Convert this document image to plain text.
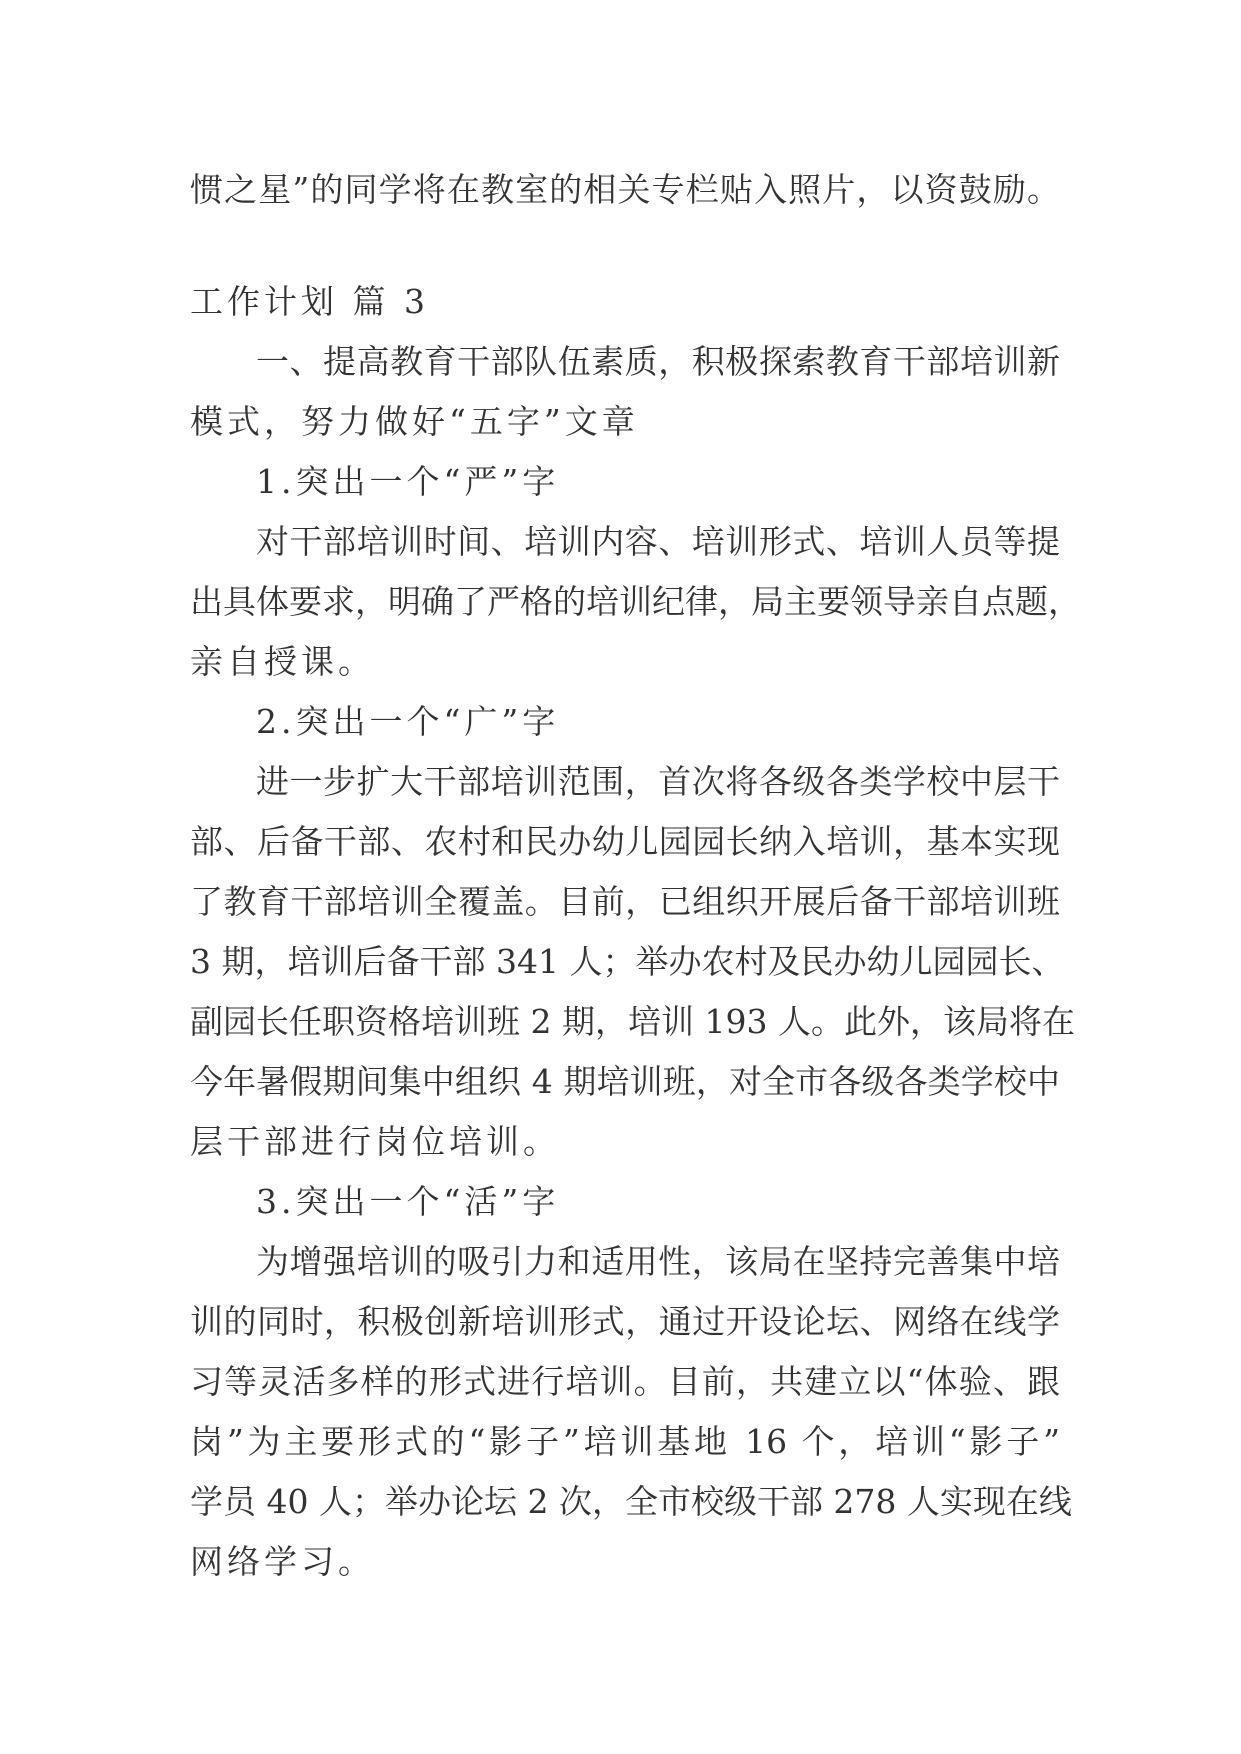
惯之星”的同学将在教室的相关专栏贴入照片，以资鼓励。
工作计划 篇 3
一、提高教育干部队伍素质，积极探索教育干部培训新
模式，努力做好“五字”文章
1.突出一个“严”字
对干部培训时间、培训内容、培训形式、培训人员等提
出具体要求，明确了严格的培训纪律，局主要领导亲自点题，
亲自授课。
2.突出一个“广”字
进一步扩大干部培训范围，首次将各级各类学校中层干
部、后备干部、农村和民办幼儿园园长纳入培训，基本实现
了教育干部培训全覆盖。目前，已组织开展后备干部培训班
3 期，培训后备干部 341 人；举办农村及民办幼儿园园长、
副园长任职资格培训班 2 期，培训 193 人。此外，该局将在
今年暑假期间集中组织 4 期培训班，对全市各级各类学校中
层干部进行岗位培训。
3.突出一个“活”字
为增强培训的吸引力和适用性，该局在坚持完善集中培
训的同时，积极创新培训形式，通过开设论坛、网络在线学
习等灵活多样的形式进行培训。目前，共建立以“体验、跟
岗”为主要形式的“影子”培训基地 16 个，培训“影子”
学员 40 人；举办论坛 2 次，全市校级干部 278 人实现在线
网络学习。
